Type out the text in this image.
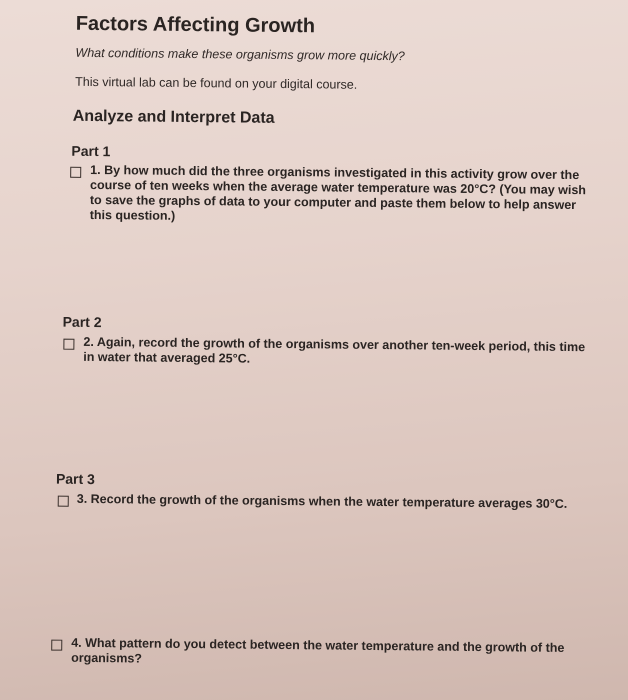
Factors Affecting Growth
What conditions make these organisms grow more quickly?
This virtual lab can be found on your digital course.
Analyze and Interpret Data
Part 1
1. By how much did the three organisms investigated in this activity grow over the course of ten weeks when the average water temperature was 20°C? (You may wish to save the graphs of data to your computer and paste them below to help answer this question.)
Part 2
2. Again, record the growth of the organisms over another ten-week period, this time in water that averaged 25°C.
Part 3
3. Record the growth of the organisms when the water temperature averages 30°C.
4. What pattern do you detect between the water temperature and the growth of the organisms?
